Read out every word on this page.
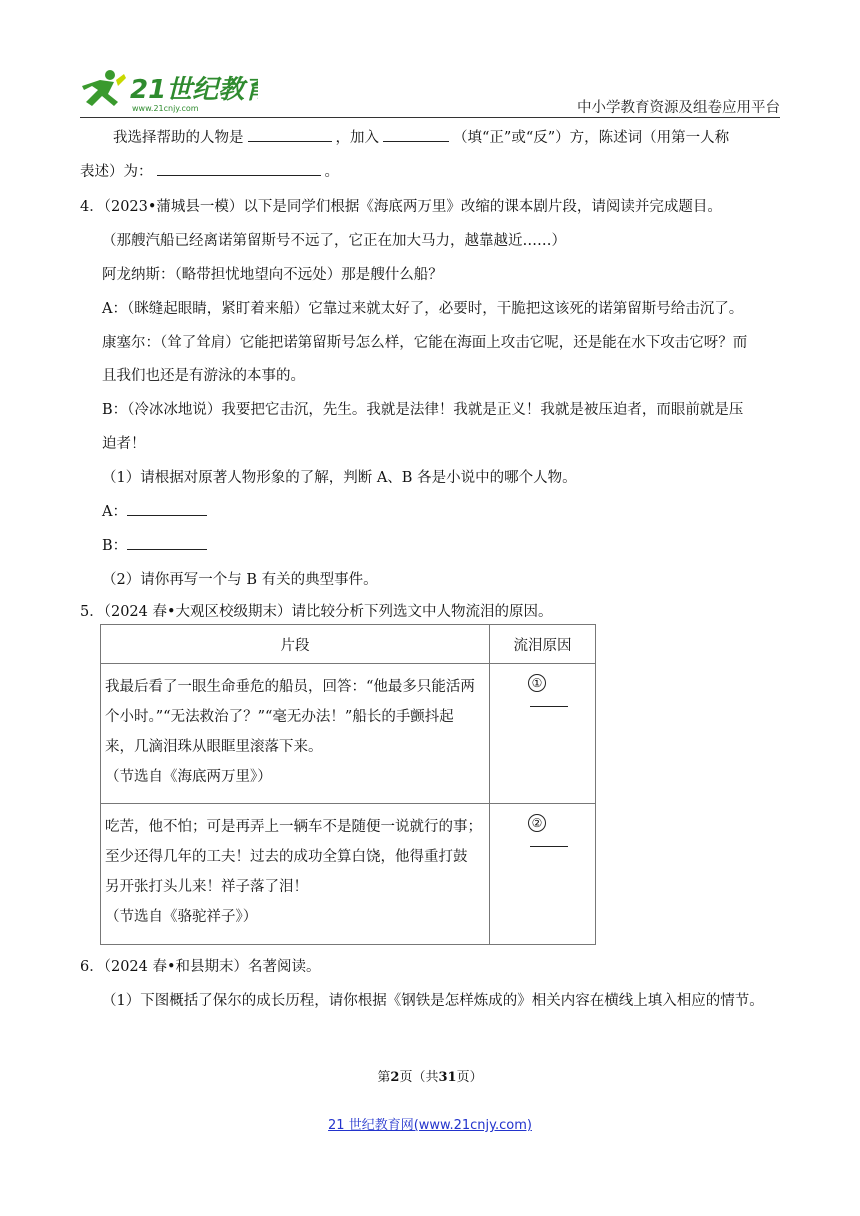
21世纪教育
www.21cnjy.com	中小学教育资源及组卷应用平台
我选择帮助的人物是	，加入	（填“正”或“反”）方，陈述词（用第一人称
表述）为：	。
4．（2023•蒲城县一模）以下是同学们根据《海底两万里》改缩的课本剧片段，请阅读并完成题目。
（那艘汽船已经离诺第留斯号不远了，它正在加大马力，越靠越近……）
阿龙纳斯：（略带担忧地望向不远处）那是艘什么船？
A：（眯缝起眼睛，紧盯着来船）它靠过来就太好了，必要时，干脆把这该死的诺第留斯号给击沉了。
康塞尔：（耸了耸肩）它能把诺第留斯号怎么样，它能在海面上攻击它呢，还是能在水下攻击它呀？而
且我们也还是有游泳的本事的。
B：（冷冰冰地说）我要把它击沉，先生。我就是法律！我就是正义！我就是被压迫者，而眼前就是压
迫者！
（1）请根据对原著人物形象的了解，判断 A、B 各是小说中的哪个人物。
A：
B：
（2）请你再写一个与 B 有关的典型事件。
5．（2024 春•大观区校级期末）请比较分析下列选文中人物流泪的原因。
片段	流泪原因

我最后看了一眼生命垂危的船员，回答：“他最多只能活两
个小时。”“无法救治了？”“毫无办法！”船长的手颤抖起
来，几滴泪珠从眼眶里滚落下来。
（节选自《海底两万里》）	①

吃苦，他不怕；可是再弄上一辆车不是随便一说就行的事；
至少还得几年的工夫！过去的成功全算白饶，他得重打鼓
另开张打头儿来！祥子落了泪！
（节选自《骆驼祥子》）	②
6．（2024 春•和县期末）名著阅读。
（1）下图概括了保尔的成长历程，请你根据《钢铁是怎样炼成的》相关内容在横线上填入相应的情节。
第2页（共31页）
21 世纪教育网(www.21cnjy.com)
